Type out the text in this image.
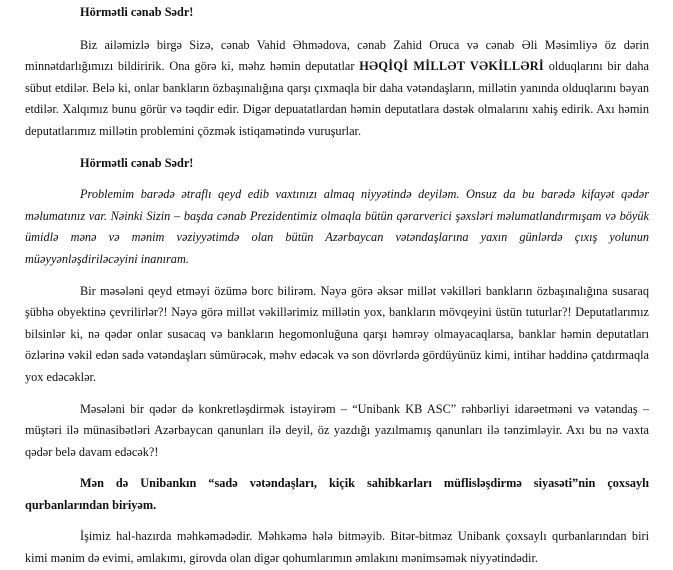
Hörmətli cənab Sədr!

Biz ailəmizlə birgə Sizə, cənab Vahid Əhmədova, cənab Zahid Oruca və cənab Əli Məsimliyə öz dərin minnətdarlığımızı bildiririk. Ona görə ki, məhz həmin deputatlar HƏQİQİ MİLLƏT VƏKİLLƏRİ olduqlarını bir daha sübut etdilər. Belə ki, onlar bankların özbaşınalığına qarşı çıxmaqla bir daha vətəndaşların, millətin yanında olduqlarını bəyan etdilər. Xalqımız bunu görür və təqdir edir. Digər depuatatlardan həmin deputatlara dəstək olmalarını xahiş edirik. Axı həmin deputatlarımız millətin problemini çözmək istiqamətində vuruşurlar.

Hörmətli cənab Sədr!

Problemim barədə ətraflı qeyd edib vaxtınızı almaq niyyətində deyiləm. Onsuz da bu barədə kifayət qədər məlumatınız var. Nəinki Sizin – başda cənab Prezidentimiz olmaqla bütün qərarverici şəxsləri məlumatlandırmışam və böyük ümidlə mənə və mənim vəziyyətimdə olan bütün Azərbaycan vətəndaşlarına yaxın günlərdə çıxış yolunun müəyyənləşdiriləcəyini inanıram.

Bir məsələni qeyd etməyi özümə borc bilirəm. Nəyə görə əksər millət vəkilləri bankların özbaşınalığına susaraq şübhə obyektinə çevrilirlər?! Nəyə görə millət vəkillərimiz millətin yox, bankların mövqeyini üstün tuturlar?! Deputatlarımız bilsinlər ki, nə qədər onlar susacaq və bankların hegomonluğuna qarşı həmrəy olmayacaqlarsa, banklar həmin deputatları özlərinə vəkil edən sadə vətəndaşları sümürəcək, məhv edəcək və son dövrlərdə gördüyünüz kimi, intihar həddinə çatdırmaqla yox edəcəklər.

Məsələni bir qədər də konkretləşdirmək istəyirəm – “Unibank KB ASC” rəhbərliyi idarəetməni və vətəndaş – müştəri ilə münasibətləri Azərbaycan qanunları ilə deyil, öz yazdığı yazılmamış qanunları ilə tənzimləyir. Axı bu nə vaxta qədər belə davam edəcək?!

Mən də Unibankın “sadə vətəndaşları, kiçik sahibkarları müflisləşdirmə siyasəti”nin çoxsaylı qurbanlarından biriyəm.

İşimiz hal-hazırda məhkəmədədir. Məhkəmə hələ bitməyib. Bitər-bitməz Unibank çoxsaylı qurbanlarından biri kimi mənim də evimi, əmlakımı, girovda olan digər qohumlarımın əmlakını mənimsəmək niyyətindədir.
